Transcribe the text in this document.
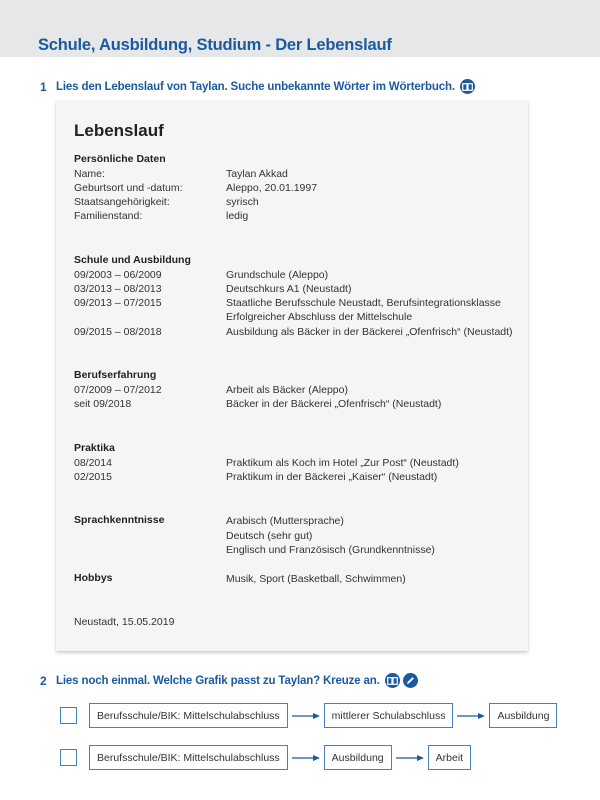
Schule, Ausbildung, Studium - Der Lebenslauf
1 Lies den Lebenslauf von Taylan. Suche unbekannte Wörter im Wörterbuch.
Lebenslauf
Persönliche Daten
Name:	Taylan Akkad
Geburtsort und -datum:	Aleppo, 20.01.1997
Staatsangehörigkeit:	syrisch
Familienstand:	ledig
Schule und Ausbildung
09/2003 – 06/2009	Grundschule (Aleppo)
03/2013 – 08/2013	Deutschkurs A1 (Neustadt)
09/2013 – 07/2015	Staatliche Berufsschule Neustadt, Berufsintegrationsklasse
Erfolgreicher Abschluss der Mittelschule
09/2015 – 08/2018	Ausbildung als Bäcker in der Bäckerei „Ofenfrisch“ (Neustadt)
Berufserfahrung
07/2009 – 07/2012	Arbeit als Bäcker (Aleppo)
seit 09/2018	Bäcker in der Bäckerei „Ofenfrisch“ (Neustadt)
Praktika
08/2014	Praktikum als Koch im Hotel „Zur Post“ (Neustadt)
02/2015	Praktikum in der Bäckerei „Kaiser“ (Neustadt)
Sprachkenntnisse	Arabisch (Muttersprache)
Deutsch (sehr gut)
Englisch und Französisch (Grundkenntnisse)
Hobbys	Musik, Sport (Basketball, Schwimmen)
Neustadt, 15.05.2019
2 Lies noch einmal. Welche Grafik passt zu Taylan? Kreuze an.
Berufsschule/BIK: Mittelschulabschluss	mittlerer Schulabschluss	Ausbildung
Berufsschule/BIK: Mittelschulabschluss	Ausbildung	Arbeit
